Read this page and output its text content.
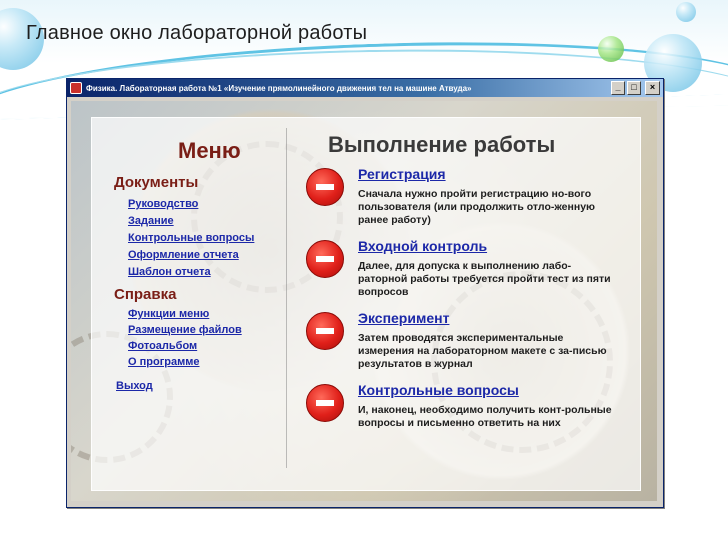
Главное окно лабораторной работы
Физика. Лабораторная работа №1 «Изучение прямолинейного движения тел на машине Атвуда»	_	□	×
Меню
Документы
Руководство
Задание
Контрольные вопросы
Оформление отчета
Шаблон отчета
Справка
Функции меню
Размещение файлов
Фотоальбом
О программе
Выход
Выполнение работы
Регистрация
Сначала нужно пройти регистрацию но-вого пользователя (или продолжить отло-женную ранее работу)
Входной контроль
Далее, для допуска к выполнению лабо-раторной работы требуется пройти тест из пяти вопросов
Эксперимент
Затем проводятся экспериментальные измерения на лабораторном макете с за-писью результатов в журнал
Контрольные вопросы
И, наконец, необходимо получить конт-рольные вопросы и письменно ответить на них
